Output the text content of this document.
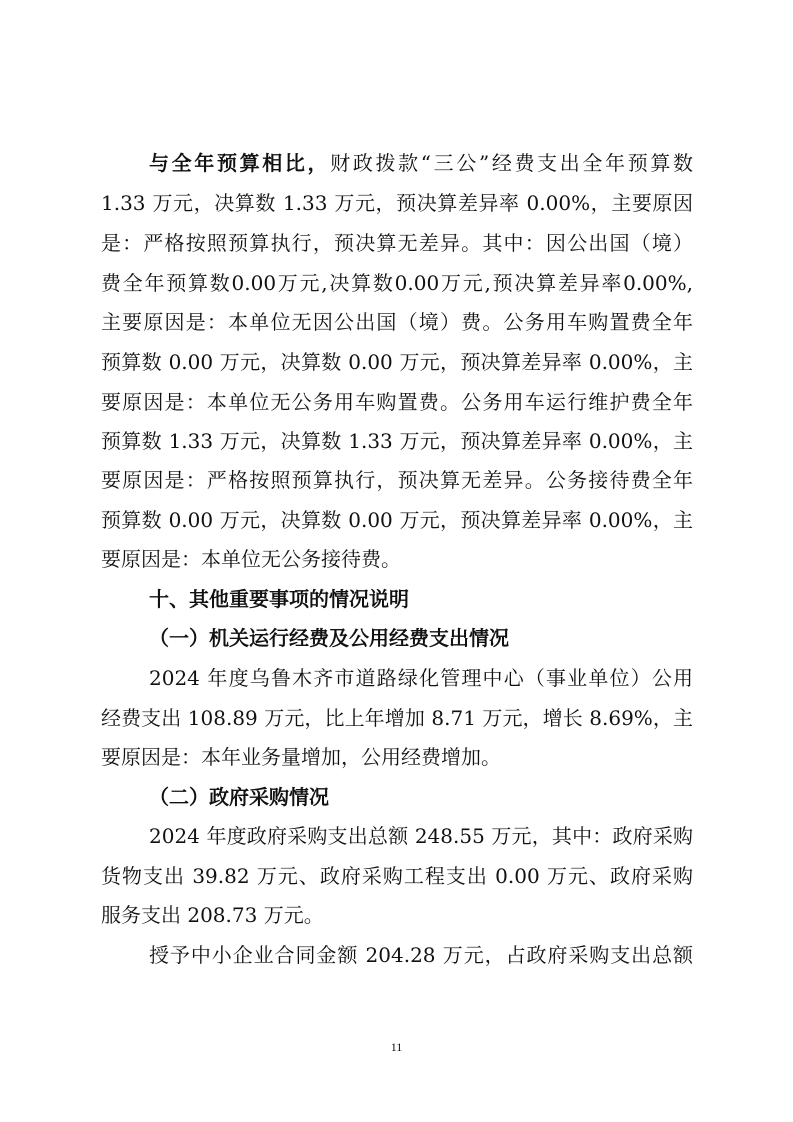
与全年预算相比，财政拨款“三公”经费支出全年预算数
1.33 万元，决算数 1.33 万元，预决算差异率 0.00%，主要原因
是：严格按照预算执行，预决算无差异。其中：因公出国（境）
费全年预算数0.00万元,决算数0.00万元,预决算差异率0.00%,
主要原因是：本单位无因公出国（境）费。公务用车购置费全年
预算数 0.00 万元，决算数 0.00 万元，预决算差异率 0.00%，主
要原因是：本单位无公务用车购置费。公务用车运行维护费全年
预算数 1.33 万元，决算数 1.33 万元，预决算差异率 0.00%，主
要原因是：严格按照预算执行，预决算无差异。公务接待费全年
预算数 0.00 万元，决算数 0.00 万元，预决算差异率 0.00%，主
要原因是：本单位无公务接待费。
十、其他重要事项的情况说明
（一）机关运行经费及公用经费支出情况
2024 年度乌鲁木齐市道路绿化管理中心（事业单位）公用
经费支出 108.89 万元，比上年增加 8.71 万元，增长 8.69%，主
要原因是：本年业务量增加，公用经费增加。
（二）政府采购情况
2024 年度政府采购支出总额 248.55 万元，其中：政府采购
货物支出 39.82 万元、政府采购工程支出 0.00 万元、政府采购
服务支出 208.73 万元。
授予中小企业合同金额 204.28 万元，占政府采购支出总额
11
